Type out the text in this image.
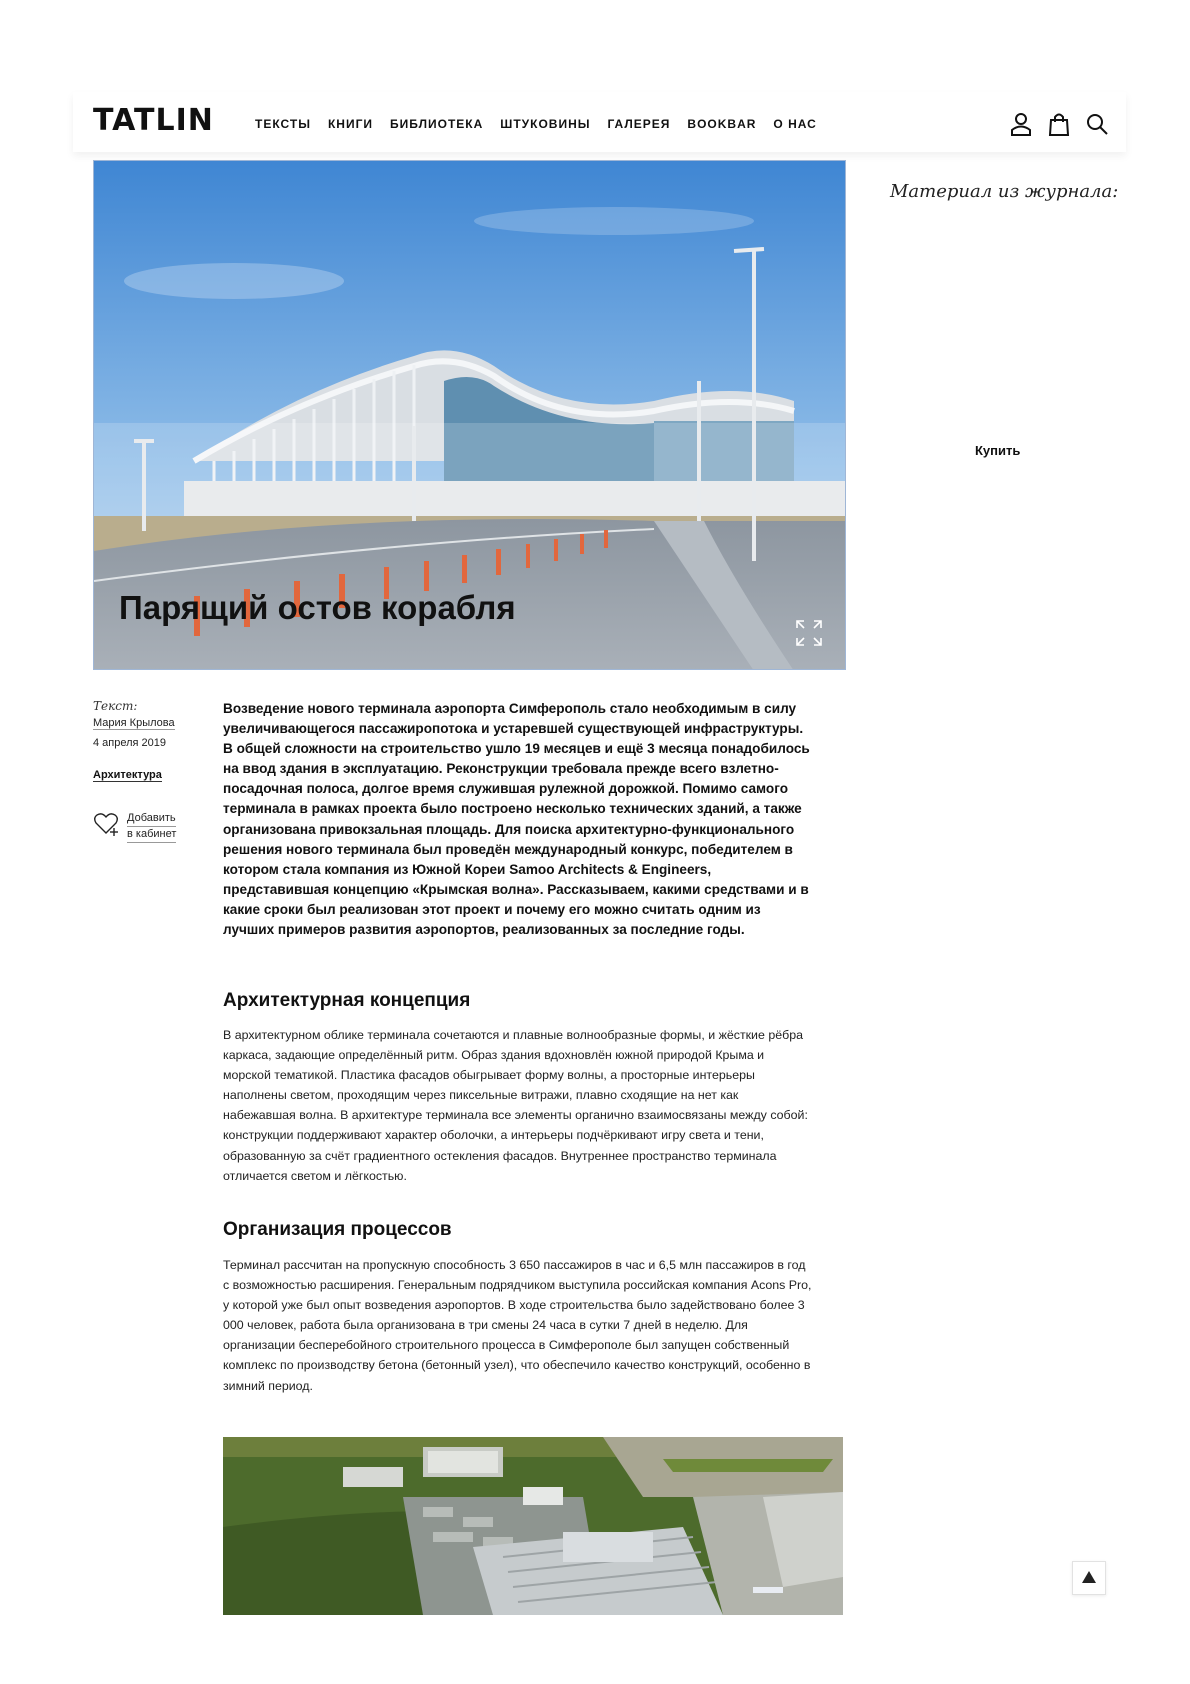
TATLIN	ТЕКСТЫ КНИГИ БИБЛИОТЕКА ШТУКОВИНЫ ГАЛЕРЕЯ BOOKBAR О НАС
Парящий остов корабля
Материал из журнала:
Купить
Текст:
Мария Крылова
4 апреля 2019
Архитектура
Добавить
в кабинет

Возведение нового терминала аэропорта Симферополь стало необходимым в силу увеличивающегося пассажиропотока и устаревшей существующей инфраструктуры. В общей сложности на строительство ушло 19 месяцев и ещё 3 месяца понадобилось на ввод здания в эксплуатацию. Реконструкции требовала прежде всего взлетно-посадочная полоса, долгое время служившая рулежной дорожкой. Помимо самого терминала в рамках проекта было построено несколько технических зданий, а также организована привокзальная площадь. Для поиска архитектурно-функционального решения нового терминала был проведён международный конкурс, победителем в котором стала компания из Южной Кореи Samoo Architects & Engineers, представившая концепцию «Крымская волна». Рассказываем, какими средствами и в какие сроки был реализован этот проект и почему его можно считать одним из лучших примеров развития аэропортов, реализованных за последние годы.

Архитектурная концепция

В архитектурном облике терминала сочетаются и плавные волнообразные формы, и жёсткие рёбра каркаса, задающие определённый ритм. Образ здания вдохновлён южной природой Крыма и морской тематикой. Пластика фасадов обыгрывает форму волны, а просторные интерьеры наполнены светом, проходящим через пиксельные витражи, плавно сходящие на нет как набежавшая волна. В архитектуре терминала все элементы органично взаимосвязаны между собой: конструкции поддерживают характер оболочки, а интерьеры подчёркивают игру света и тени, образованную за счёт градиентного остекления фасадов. Внутреннее пространство терминала отличается светом и лёгкостью.

Организация процессов

Терминал рассчитан на пропускную способность 3 650 пассажиров в час и 6,5 млн пассажиров в год с возможностью расширения. Генеральным подрядчиком выступила российская компания Acons Pro, у которой уже был опыт возведения аэропортов. В ходе строительства было задействовано более 3 000 человек, работа была организована в три смены 24 часа в сутки 7 дней в неделю. Для организации бесперебойного строительного процесса в Симферополе был запущен собственный комплекс по производству бетона (бетонный узел), что обеспечило качество конструкций, особенно в зимний период.
